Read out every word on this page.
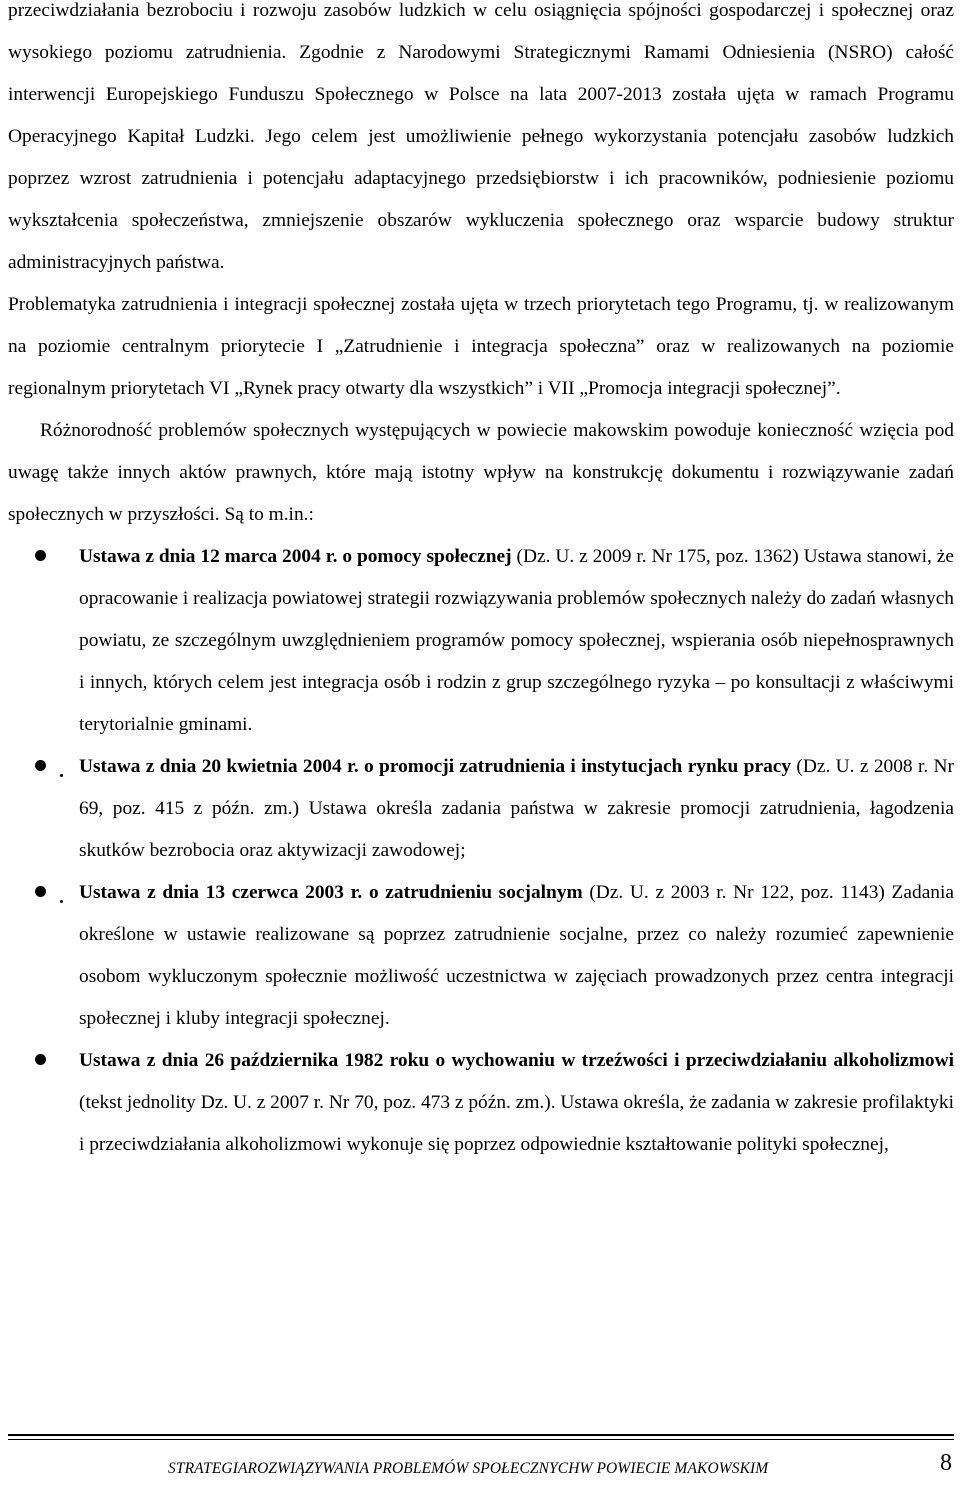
przeciwdziałania bezrobociu i rozwoju zasobów ludzkich w celu osiągnięcia spójności gospodarczej i społecznej oraz wysokiego poziomu zatrudnienia. Zgodnie z Narodowymi Strategicznymi Ramami Odniesienia (NSRO) całość interwencji Europejskiego Funduszu Społecznego w Polsce na lata 2007-2013 została ujęta w ramach Programu Operacyjnego Kapitał Ludzki. Jego celem jest umożliwienie pełnego wykorzystania potencjału zasobów ludzkich poprzez wzrost zatrudnienia i potencjału adaptacyjnego przedsiębiorstw i ich pracowników, podniesienie poziomu wykształcenia społeczeństwa, zmniejszenie obszarów wykluczenia społecznego oraz wsparcie budowy struktur administracyjnych państwa.

Problematyka zatrudnienia i integracji społecznej została ujęta w trzech priorytetach tego Programu, tj. w realizowanym na poziomie centralnym priorytecie I „Zatrudnienie i integracja społeczna” oraz w realizowanych na poziomie regionalnym priorytetach VI „Rynek pracy otwarty dla wszystkich” i VII „Promocja integracji społecznej”.

Różnorodność problemów społecznych występujących w powiecie makowskim powoduje konieczność wzięcia pod uwagę także innych aktów prawnych, które mają istotny wpływ na konstrukcję dokumentu i rozwiązywanie zadań społecznych w przyszłości. Są to m.in.:

Ustawa z dnia 12 marca 2004 r. o pomocy społecznej (Dz. U. z 2009 r. Nr 175, poz. 1362) Ustawa stanowi, że opracowanie i realizacja powiatowej strategii rozwiązywania problemów społecznych należy do zadań własnych powiatu, ze szczególnym uwzględnieniem programów pomocy społecznej, wspierania osób niepełnosprawnych i innych, których celem jest integracja osób i rodzin z grup szczególnego ryzyka – po konsultacji z właściwymi terytorialnie gminami.

Ustawa z dnia 20 kwietnia 2004 r. o promocji zatrudnienia i instytucjach rynku pracy (Dz. U. z 2008 r. Nr 69, poz. 415 z późn. zm.) Ustawa określa zadania państwa w zakresie promocji zatrudnienia, łagodzenia skutków bezrobocia oraz aktywizacji zawodowej;

Ustawa z dnia 13 czerwca 2003 r. o zatrudnieniu socjalnym (Dz. U. z 2003 r. Nr 122, poz. 1143) Zadania określone w ustawie realizowane są poprzez zatrudnienie socjalne, przez co należy rozumieć zapewnienie osobom wykluczonym społecznie możliwość uczestnictwa w zajęciach prowadzonych przez centra integracji społecznej i kluby integracji społecznej.

Ustawa z dnia 26 października 1982 roku o wychowaniu w trzeźwości i przeciwdziałaniu alkoholizmowi (tekst jednolity Dz. U. z 2007 r. Nr 70, poz. 473 z późn. zm.). Ustawa określa, że zadania w zakresie profilaktyki i przeciwdziałania alkoholizmowi wykonuje się poprzez odpowiednie kształtowanie polityki społecznej,

STRATEGIAROZWIĄZYWANIA PROBLEMÓW SPOŁECZNYCHW POWIECIE MAKOWSKIM	8
